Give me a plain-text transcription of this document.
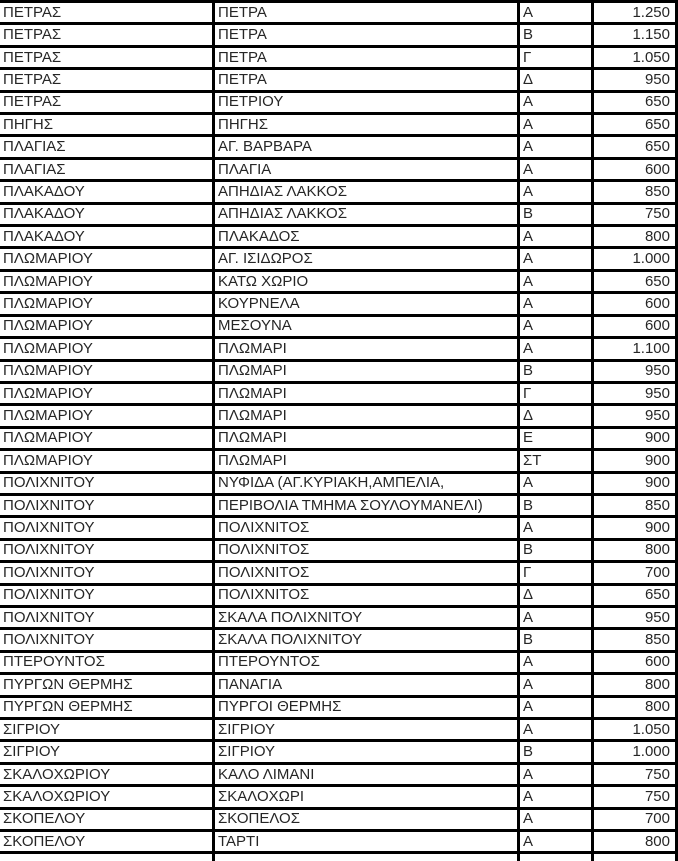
ΠΕΤΡΑΣ	ΠΕΤΡΑ	Α	1.250
ΠΕΤΡΑΣ	ΠΕΤΡΑ	Β	1.150
ΠΕΤΡΑΣ	ΠΕΤΡΑ	Γ	1.050
ΠΕΤΡΑΣ	ΠΕΤΡΑ	Δ	950
ΠΕΤΡΑΣ	ΠΕΤΡΙΟΥ	Α	650
ΠΗΓΗΣ	ΠΗΓΗΣ	Α	650
ΠΛΑΓΙΑΣ	ΑΓ. ΒΑΡΒΑΡΑ	Α	650
ΠΛΑΓΙΑΣ	ΠΛΑΓΙΑ	Α	600
ΠΛΑΚΑΔΟΥ	ΑΠΗΔΙΑΣ ΛΑΚΚΟΣ	Α	850
ΠΛΑΚΑΔΟΥ	ΑΠΗΔΙΑΣ ΛΑΚΚΟΣ	Β	750
ΠΛΑΚΑΔΟΥ	ΠΛΑΚΑΔΟΣ	Α	800
ΠΛΩΜΑΡΙΟΥ	ΑΓ. ΙΣΙΔΩΡΟΣ	Α	1.000
ΠΛΩΜΑΡΙΟΥ	ΚΑΤΩ ΧΩΡΙΟ	Α	650
ΠΛΩΜΑΡΙΟΥ	ΚΟΥΡΝΕΛΑ	Α	600
ΠΛΩΜΑΡΙΟΥ	ΜΕΣΟΥΝΑ	Α	600
ΠΛΩΜΑΡΙΟΥ	ΠΛΩΜΑΡΙ	Α	1.100
ΠΛΩΜΑΡΙΟΥ	ΠΛΩΜΑΡΙ	Β	950
ΠΛΩΜΑΡΙΟΥ	ΠΛΩΜΑΡΙ	Γ	950
ΠΛΩΜΑΡΙΟΥ	ΠΛΩΜΑΡΙ	Δ	950
ΠΛΩΜΑΡΙΟΥ	ΠΛΩΜΑΡΙ	Ε	900
ΠΛΩΜΑΡΙΟΥ	ΠΛΩΜΑΡΙ	ΣΤ	900
ΠΟΛΙΧΝΙΤΟΥ	ΝΥΦΙΔΑ (ΑΓ.ΚΥΡΙΑΚΗ,ΑΜΠΕΛΙΑ,	Α	900
ΠΟΛΙΧΝΙΤΟΥ	ΠΕΡΙΒΟΛΙΑ ΤΜΗΜΑ ΣΟΥΛΟΥΜΑΝΕΛΙ)	Β	850
ΠΟΛΙΧΝΙΤΟΥ	ΠΟΛΙΧΝΙΤΟΣ	Α	900
ΠΟΛΙΧΝΙΤΟΥ	ΠΟΛΙΧΝΙΤΟΣ	Β	800
ΠΟΛΙΧΝΙΤΟΥ	ΠΟΛΙΧΝΙΤΟΣ	Γ	700
ΠΟΛΙΧΝΙΤΟΥ	ΠΟΛΙΧΝΙΤΟΣ	Δ	650
ΠΟΛΙΧΝΙΤΟΥ	ΣΚΑΛΑ ΠΟΛΙΧΝΙΤΟΥ	Α	950
ΠΟΛΙΧΝΙΤΟΥ	ΣΚΑΛΑ ΠΟΛΙΧΝΙΤΟΥ	Β	850
ΠΤΕΡΟΥΝΤΟΣ	ΠΤΕΡΟΥΝΤΟΣ	Α	600
ΠΥΡΓΩΝ ΘΕΡΜΗΣ	ΠΑΝΑΓΙΑ	Α	800
ΠΥΡΓΩΝ ΘΕΡΜΗΣ	ΠΥΡΓΟΙ ΘΕΡΜΗΣ	Α	800
ΣΙΓΡΙΟΥ	ΣΙΓΡΙΟΥ	Α	1.050
ΣΙΓΡΙΟΥ	ΣΙΓΡΙΟΥ	Β	1.000
ΣΚΑΛΟΧΩΡΙΟΥ	ΚΑΛΟ ΛΙΜΑΝΙ	Α	750
ΣΚΑΛΟΧΩΡΙΟΥ	ΣΚΑΛΟΧΩΡΙ	Α	750
ΣΚΟΠΕΛΟΥ	ΣΚΟΠΕΛΟΣ	Α	700
ΣΚΟΠΕΛΟΥ	ΤΑΡΤΙ	Α	800
